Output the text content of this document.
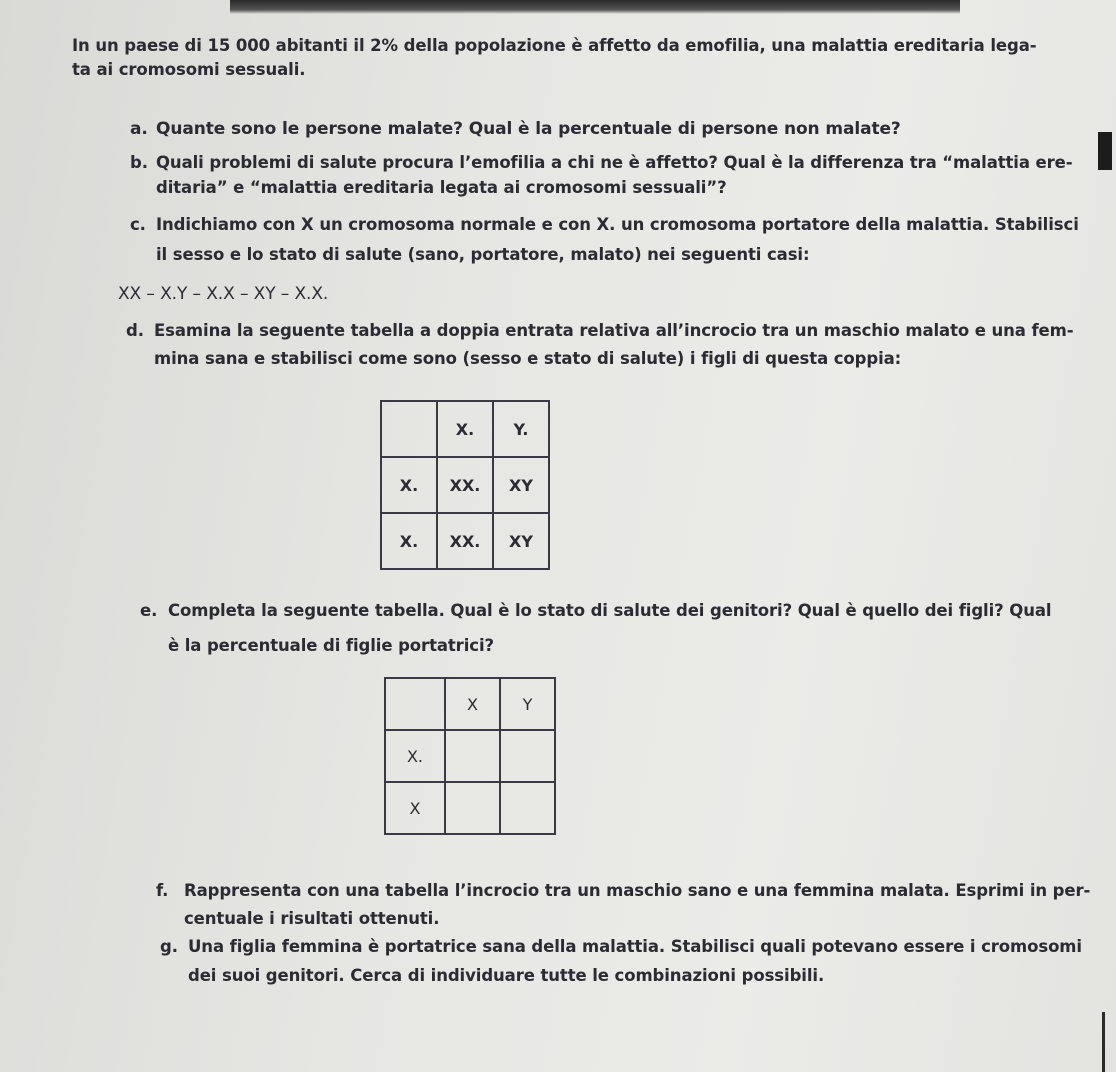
In un paese di 15 000 abitanti il 2% della popolazione è affetto da emofilia, una malattia ereditaria lega-
ta ai cromosomi sessuali.
a. Quante sono le persone malate? Qual è la percentuale di persone non malate?
b. Quali problemi di salute procura l’emofilia a chi ne è affetto? Qual è la differenza tra “malattia ere-
ditaria” e “malattia ereditaria legata ai cromosomi sessuali”?
c. Indichiamo con X un cromosoma normale e con X. un cromosoma portatore della malattia. Stabilisci
il sesso e lo stato di salute (sano, portatore, malato) nei seguenti casi:
XX – X.Y – X.X – XY – X.X.
d. Esamina la seguente tabella a doppia entrata relativa all’incrocio tra un maschio malato e una fem-
mina sana e stabilisci come sono (sesso e stato di salute) i figli di questa coppia:
	X.	Y.
X.	XX.	XY
X.	XX.	XY
e. Completa la seguente tabella. Qual è lo stato di salute dei genitori? Qual è quello dei figli? Qual
è la percentuale di figlie portatrici?
	X	Y
X.		
X		
f. Rappresenta con una tabella l’incrocio tra un maschio sano e una femmina malata. Esprimi in per-
centuale i risultati ottenuti.
g. Una figlia femmina è portatrice sana della malattia. Stabilisci quali potevano essere i cromosomi
dei suoi genitori. Cerca di individuare tutte le combinazioni possibili.
